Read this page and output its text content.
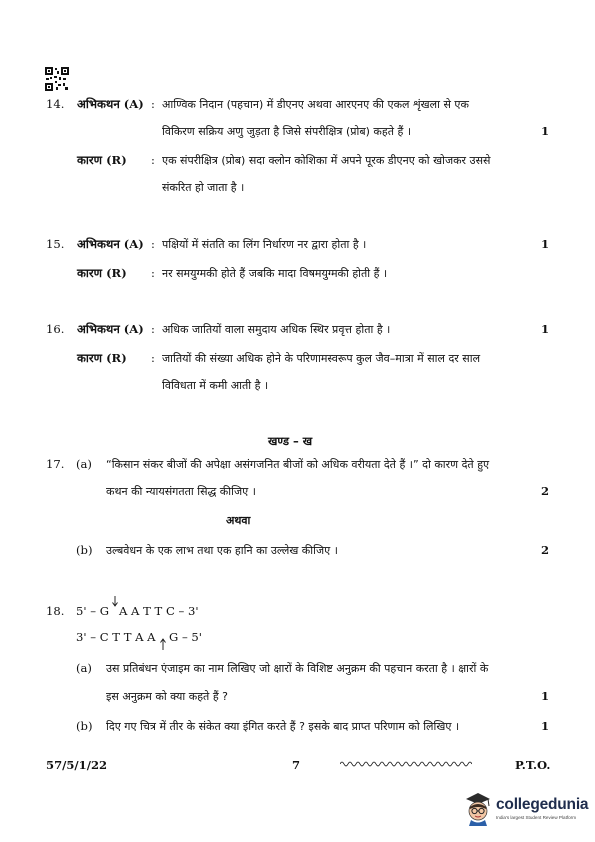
14. अभिकथन (A) : आण्विक निदान (पहचान) में डीएनए अथवा आरएनए की एकल शृंखला से एक
विकिरण सक्रिय अणु जुड़ता है जिसे संपरीक्षित्र (प्रोब) कहते हैं ।	1
कारण (R) : एक संपरीक्षित्र (प्रोब) सदा क्लोन कोशिका में अपने पूरक डीएनए को खोजकर उससे
संकरित हो जाता है ।
15. अभिकथन (A) : पक्षियों में संतति का लिंग निर्धारण नर द्वारा होता है ।	1
कारण (R) : नर समयुग्मकी होते हैं जबकि मादा विषमयुग्मकी होती हैं ।
16. अभिकथन (A) : अधिक जातियों वाला समुदाय अधिक स्थिर प्रवृत्त होता है ।	1
कारण (R) : जातियों की संख्या अधिक होने के परिणामस्वरूप कुल जैव–मात्रा में साल दर साल
विविधता में कमी आती है ।
खण्ड – ख
17. (a) “किसान संकर बीजों की अपेक्षा असंगजनित बीजों को अधिक वरीयता देते हैं ।” दो कारण देते हुए
कथन की न्यायसंगतता सिद्ध कीजिए ।	2
अथवा
(b) उल्बवेधन के एक लाभ तथा एक हानि का उल्लेख कीजिए ।	2
18. 5' – G A A T T C – 3'
3' – C T T A A G – 5'
(a) उस प्रतिबंधन एंजाइम का नाम लिखिए जो क्षारों के विशिष्ट अनुक्रम की पहचान करता है । क्षारों के
इस अनुक्रम को क्या कहते हैं ?	1
(b) दिए गए चित्र में तीर के संकेत क्या इंगित करते हैं ? इसके बाद प्राप्त परिणाम को लिखिए ।	1
57/5/1/22	7	P.T.O.
collegedunia
India's largest Student Review Platform
